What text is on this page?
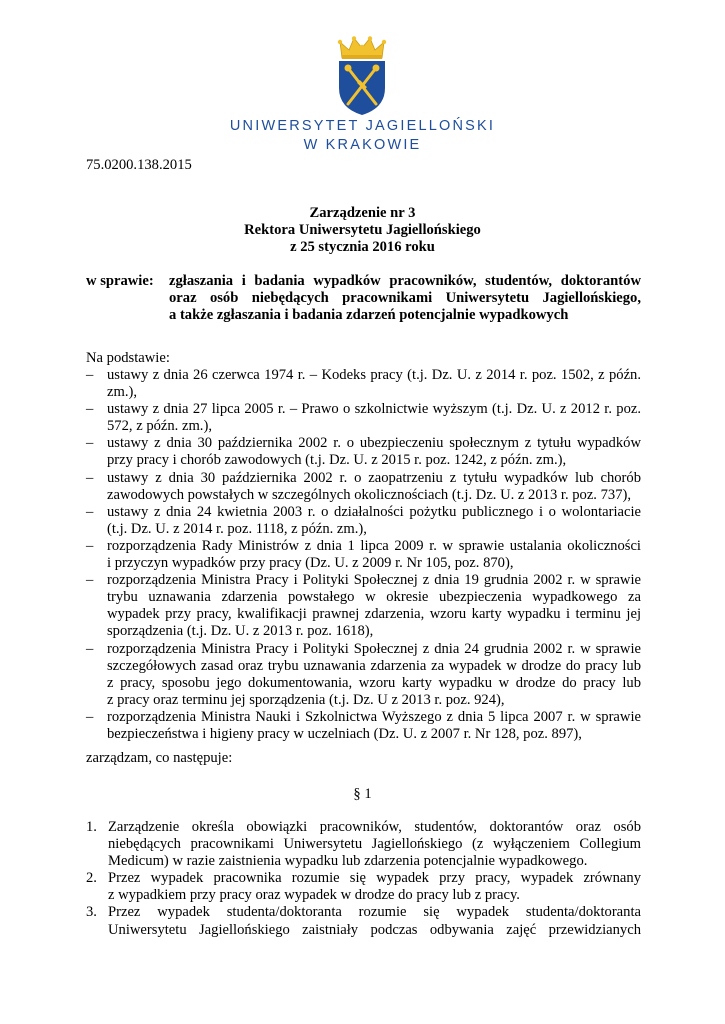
UNIWERSYTET JAGIELLOŃSKI
W KRAKOWIE
75.0200.138.2015
Zarządzenie nr 3
Rektora Uniwersytetu Jagiellońskiego
z 25 stycznia 2016 roku
w sprawie: zgłaszania i badania wypadków pracowników, studentów, doktorantów
oraz osób niebędących pracownikami Uniwersytetu Jagiellońskiego,
a także zgłaszania i badania zdarzeń potencjalnie wypadkowych
Na podstawie:
– ustawy z dnia 26 czerwca 1974 r. – Kodeks pracy (t.j. Dz. U. z 2014 r. poz. 1502, z późn.
zm.),
– ustawy z dnia 27 lipca 2005 r. – Prawo o szkolnictwie wyższym (t.j. Dz. U. z 2012 r. poz.
572, z późn. zm.),
– ustawy z dnia 30 października 2002 r. o ubezpieczeniu społecznym z tytułu wypadków
przy pracy i chorób zawodowych (t.j. Dz. U. z 2015 r. poz. 1242, z późn. zm.),
– ustawy z dnia 30 października 2002 r. o zaopatrzeniu z tytułu wypadków lub chorób
zawodowych powstałych w szczególnych okolicznościach (t.j. Dz. U. z 2013 r. poz. 737),
– ustawy z dnia 24 kwietnia 2003 r. o działalności pożytku publicznego i o wolontariacie
(t.j. Dz. U. z 2014 r. poz. 1118, z późn. zm.),
– rozporządzenia Rady Ministrów z dnia 1 lipca 2009 r. w sprawie ustalania okoliczności
i przyczyn wypadków przy pracy (Dz. U. z 2009 r. Nr 105, poz. 870),
– rozporządzenia Ministra Pracy i Polityki Społecznej z dnia 19 grudnia 2002 r. w sprawie
trybu uznawania zdarzenia powstałego w okresie ubezpieczenia wypadkowego za
wypadek przy pracy, kwalifikacji prawnej zdarzenia, wzoru karty wypadku i terminu jej
sporządzenia (t.j. Dz. U. z 2013 r. poz. 1618),
– rozporządzenia Ministra Pracy i Polityki Społecznej z dnia 24 grudnia 2002 r. w sprawie
szczegółowych zasad oraz trybu uznawania zdarzenia za wypadek w drodze do pracy lub
z pracy, sposobu jego dokumentowania, wzoru karty wypadku w drodze do pracy lub
z pracy oraz terminu jej sporządzenia (t.j. Dz. U z 2013 r. poz. 924),
– rozporządzenia Ministra Nauki i Szkolnictwa Wyższego z dnia 5 lipca 2007 r. w sprawie
bezpieczeństwa i higieny pracy w uczelniach (Dz. U. z 2007 r. Nr 128, poz. 897),
zarządzam, co następuje:
§ 1
1. Zarządzenie określa obowiązki pracowników, studentów, doktorantów oraz osób
niebędących pracownikami Uniwersytetu Jagiellońskiego (z wyłączeniem Collegium
Medicum) w razie zaistnienia wypadku lub zdarzenia potencjalnie wypadkowego.
2. Przez wypadek pracownika rozumie się wypadek przy pracy, wypadek zrównany
z wypadkiem przy pracy oraz wypadek w drodze do pracy lub z pracy.
3. Przez wypadek studenta/doktoranta rozumie się wypadek studenta/doktoranta
Uniwersytetu Jagiellońskiego zaistniały podczas odbywania zajęć przewidzianych
